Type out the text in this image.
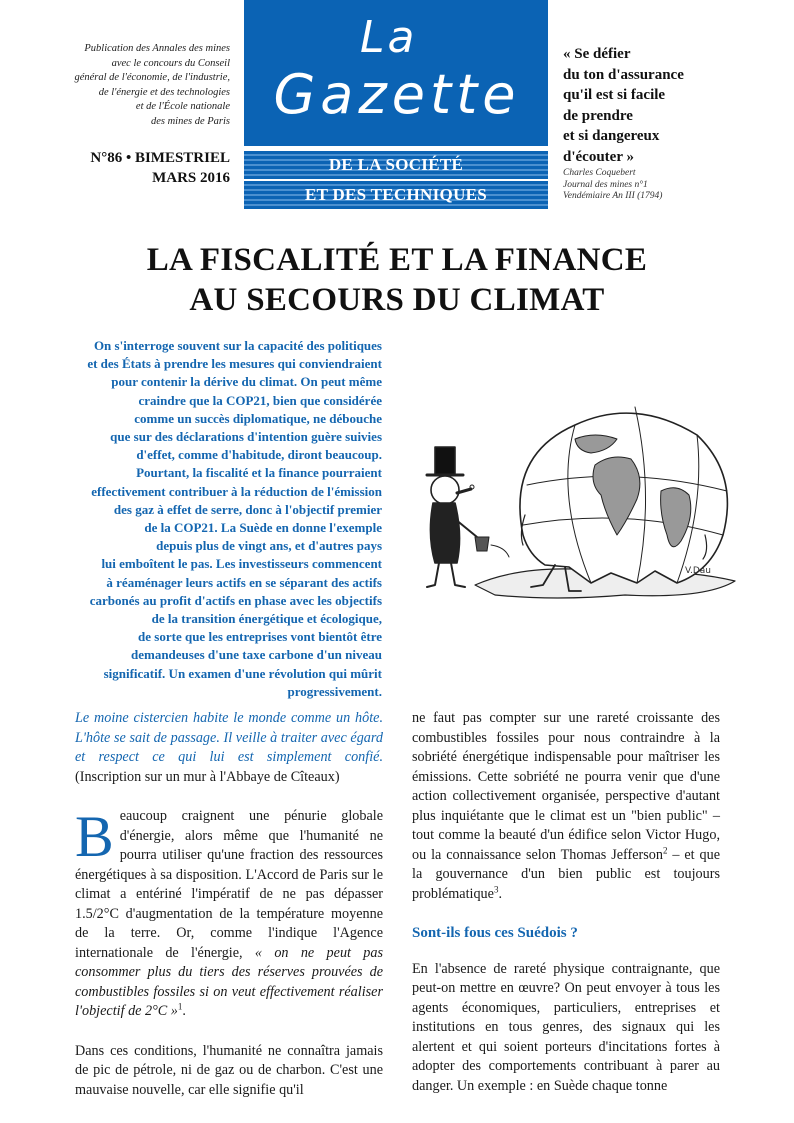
Publication des Annales des mines
avec le concours du Conseil
général de l'économie, de l'industrie,
de l'énergie et des technologies
et de l'École nationale
des mines de Paris
N°86 • BIMESTRIEL
MARS 2016
La
Gazette
DE LA SOCIÉTÉ
ET DES TECHNIQUES
« Se défier
du ton d'assurance
qu'il est si facile
de prendre
et si dangereux
d'écouter »
Charles Coquebert
Journal des mines n°1
Vendémiaire An III (1794)
LA FISCALITÉ ET LA FINANCE
AU SECOURS DU CLIMAT
On s'interroge souvent sur la capacité des politiques
et des États à prendre les mesures qui conviendraient
pour contenir la dérive du climat. On peut même
craindre que la COP21, bien que considérée
comme un succès diplomatique, ne débouche
que sur des déclarations d'intention guère suivies
d'effet, comme d'habitude, diront beaucoup.
Pourtant, la fiscalité et la finance pourraient
effectivement contribuer à la réduction de l'émission
des gaz à effet de serre, donc à l'objectif premier
de la COP21. La Suède en donne l'exemple
depuis plus de vingt ans, et d'autres pays
lui emboîtent le pas. Les investisseurs commencent
à réaménager leurs actifs en se séparant des actifs
carbonés au profit d'actifs en phase avec les objectifs
de la transition énergétique et écologique,
de sorte que les entreprises vont bientôt être
demandeuses d'une taxe carbone d'un niveau
significatif. Un examen d'une révolution qui mûrit
progressivement.
V.Dau

Le moine cistercien habite le monde comme un hôte. L'hôte se sait de passage. Il veille à traiter avec égard et respect ce qui lui est simplement confié. (Inscription sur un mur à l'Abbaye de Cîteaux)

Beaucoup craignent une pénurie globale d'énergie, alors même que l'humanité ne pourra utiliser qu'une fraction des ressources énergétiques à sa disposition. L'Accord de Paris sur le climat a entériné l'impératif de ne pas dépasser 1.5/2°C d'augmentation de la température moyenne de la terre. Or, comme l'indique l'Agence internationale de l'énergie, « on ne peut pas consommer plus du tiers des réserves prouvées de combustibles fossiles si on veut effectivement réaliser l'objectif de 2°C »$^1$.

Dans ces conditions, l'humanité ne connaîtra jamais de pic de pétrole, ni de gaz ou de charbon. C'est une mauvaise nouvelle, car elle signifie qu'il

ne faut pas compter sur une rareté croissante des combustibles fossiles pour nous contraindre à la sobriété énergétique indispensable pour maîtriser les émissions. Cette sobriété ne pourra venir que d'une action collectivement organisée, perspective d'autant plus inquiétante que le climat est un "bien public" – tout comme la beauté d'un édifice selon Victor Hugo, ou la connaissance selon Thomas Jefferson$^2$ – et que la gouvernance d'un bien public est toujours problématique$^3$.

Sont-ils fous ces Suédois ?

En l'absence de rareté physique contraignante, que peut-on mettre en œuvre? On peut envoyer à tous les agents économiques, particuliers, entreprises et institutions en tous genres, des signaux qui les alertent et qui soient porteurs d'incitations fortes à adopter des comportements contribuant à parer au danger. Un exemple : en Suède chaque tonne
